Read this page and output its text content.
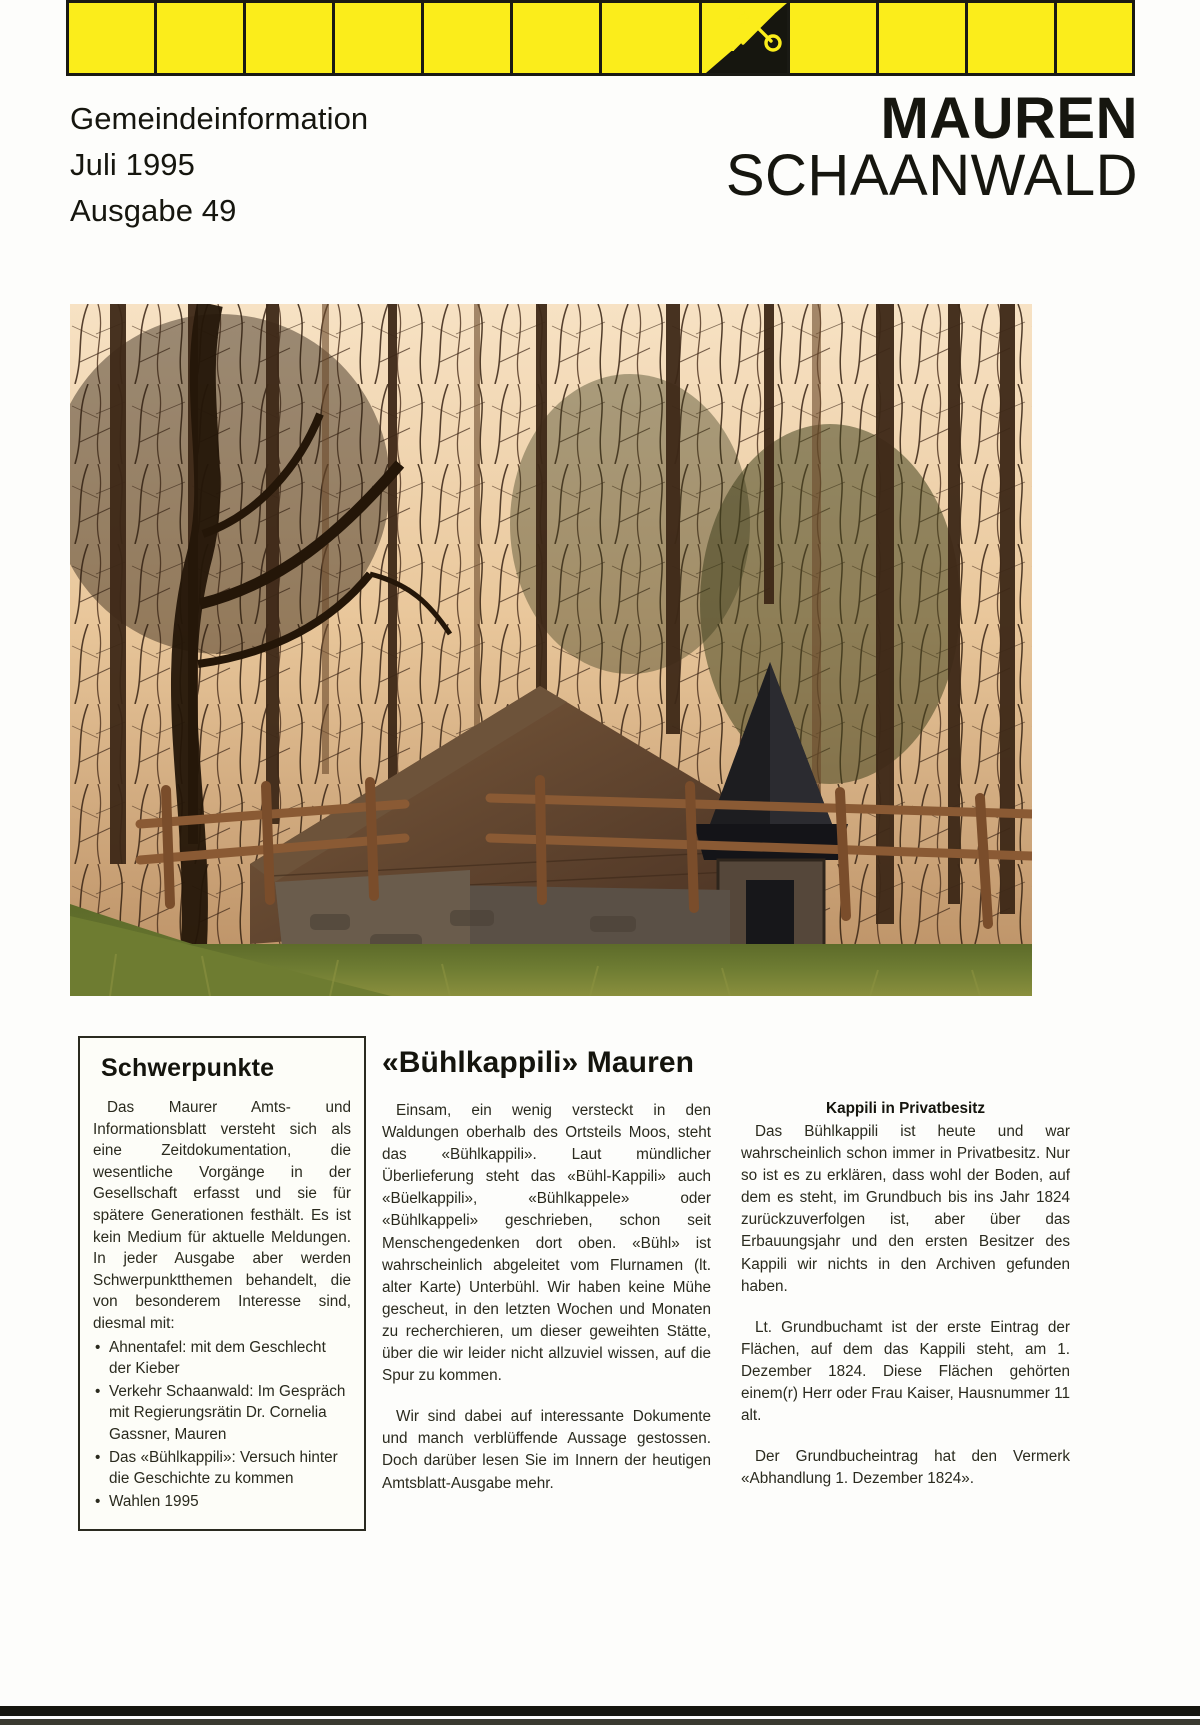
Gemeindeinformation
Juli 1995
Ausgabe 49
MAUREN
SCHAANWALD
Schwerpunkte

Das Maurer Amts- und Informationsblatt versteht sich als eine Zeitdokumentation, die wesentliche Vorgänge in der Gesellschaft erfasst und sie für spätere Generationen festhält. Es ist kein Medium für aktuelle Meldungen. In jeder Ausgabe aber werden Schwerpunktthemen behandelt, die von besonderem Interesse sind, diesmal mit:

• Ahnentafel: mit dem Geschlecht der Kieber
• Verkehr Schaanwald: Im Gespräch mit Regierungsrätin Dr. Cornelia Gassner, Mauren
• Das «Bühlkappili»: Versuch hinter die Geschichte zu kommen
• Wahlen 1995
«Bühlkappili» Mauren

Einsam, ein wenig versteckt in den Waldungen oberhalb des Ortsteils Moos, steht das «Bühlkappili». Laut mündlicher Überlieferung steht das «Bühl-Kappili» auch «Büelkappili», «Bühlkappele» oder «Bühlkappeli» geschrieben, schon seit Menschengedenken dort oben. «Bühl» ist wahrscheinlich abgeleitet vom Flurnamen (lt. alter Karte) Unterbühl. Wir haben keine Mühe gescheut, in den letzten Wochen und Monaten zu recherchieren, um dieser geweihten Stätte, über die wir leider nicht allzuviel wissen, auf die Spur zu kommen.

Wir sind dabei auf interessante Dokumente und manch verblüffende Aussage gestossen. Doch darüber lesen Sie im Innern der heutigen Amtsblatt-Ausgabe mehr.

Kappili in Privatbesitz

Das Bühlkappili ist heute und war wahrscheinlich schon immer in Privatbesitz. Nur so ist es zu erklären, dass wohl der Boden, auf dem es steht, im Grundbuch bis ins Jahr 1824 zurückzuverfolgen ist, aber über das Erbauungsjahr und den ersten Besitzer des Kappili wir nichts in den Archiven gefunden haben.

Lt. Grundbuchamt ist der erste Eintrag der Flächen, auf dem das Kappili steht, am 1. Dezember 1824. Diese Flächen gehörten einem(r) Herr oder Frau Kaiser, Hausnummer 11 alt.

Der Grundbucheintrag hat den Vermerk «Abhandlung 1. Dezember 1824».
